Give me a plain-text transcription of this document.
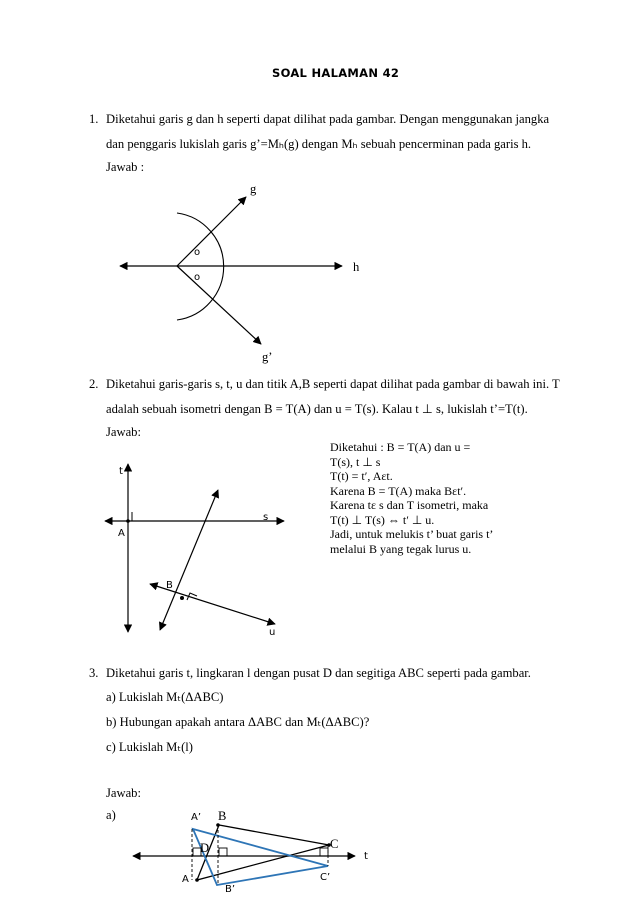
SOAL HALAMAN 42
1. Diketahui garis g dan h seperti dapat dilihat pada gambar. Dengan menggunakan jangka
dan penggaris lukislah garis g’=Mₕ(g) dengan Mₕ sebuah pencerminan pada garis h.
Jawab :
g
h
g’
o
o
2. Diketahui garis-garis s, t, u dan titik A,B seperti dapat dilihat pada gambar di bawah ini. T
adalah sebuah isometri dengan B = T(A) dan u = T(s). Kalau t ⊥ s, lukislah t’=T(t).
Jawab:
t
s
A
B
u
Diketahui : B = T(A) dan u =
T(s), t ⊥ s
T(t) = t′, Aεt.
Karena B = T(A) maka Bεt′.
Karena tε s dan T isometri, maka
T(t) ⊥ T(s) ⇔ t′ ⊥ u.
Jadi, untuk melukis t’ buat garis t’
melalui B yang tegak lurus u.
3. Diketahui garis t, lingkaran l dengan pusat D dan segitiga ABC seperti pada gambar.
a) Lukislah Mₜ(ΔABC)
b) Hubungan apakah antara ΔABC dan Mₜ(ΔABC)?
c) Lukislah Mₜ(l)
Jawab:
a)	A’ B
D	C
t
A
B’
C’
